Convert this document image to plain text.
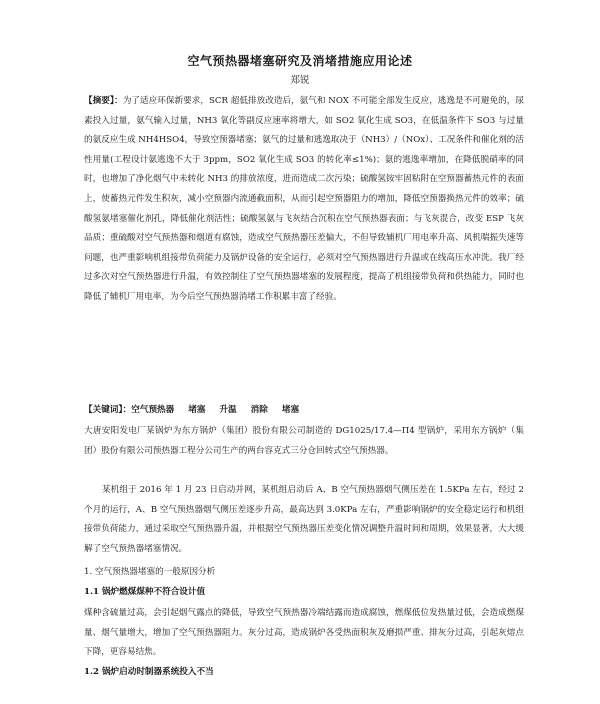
空气预热器堵塞研究及消堵措施应用论述
郑锐
【摘要】：为了适应环保新要求，SCR 超低排放改造后，氨气和 NOX 不可能全部发生反应，逃逸是不可避免的，尿素投入过量，氨气输入过量，NH3 氧化等副反应速率将增大，如 SO2 氧化生成 SO3，在低温条件下 SO3 与过量的氨反应生成 NH4HSO4，导致空预器堵塞；氨气的过量和逃逸取决于（NH3）/（NOx）、工况条件和催化剂的活性用量(工程设计氨逃逸不大于 3ppm，SO2 氧化生成 SO3 的转化率≤1%)；氨的逃逸率增加，在降低脱硝率的同时，也增加了净化烟气中未转化 NH3 的排放浓度，进而造成二次污染；硫酸氢铵牢固粘附在空预器蓄热元件的表面上，使蓄热元件发生积灰，减小空预器内流通截面积，从而引起空预器阻力的增加，降低空预器换热元件的效率；硫酸氢氨堵塞催化剂孔，降低催化剂活性；硫酸氢氨与飞灰结合沉积在空气预热器表面；与飞灰混合，改变 ESP 飞灰品质；重硫酸对空气预热器和烟道有腐蚀，造成空气预热器压差偏大，不但导致辅机厂用电率升高、风机喘振失速等问题，也严重影响机组接带负荷能力及锅炉设备的安全运行，必须对空气预热器进行升温或在线高压水冲洗。我厂经过多次对空气预热器进行升温，有效控制住了空气预热器堵塞的发展程度，提高了机组接带负荷和供热能力，同时也降低了辅机厂用电率，为今后空气预热器消堵工作积累丰富了经验。
【关键词】：空气预热器 堵塞 升温 消除 堵塞
大唐安阳发电厂某锅炉为东方锅炉（集团）股份有限公司制造的 DG1025/17.4—Π4 型锅炉，采用东方锅炉（集团）股份有限公司预热器工程分公司生产的两台容克式三分仓回转式空气预热器。
某机组于 2016 年 1 月 23 日启动并网，某机组启动后 A、B 空气预热器烟气侧压差在 1.5KPa 左右，经过 2 个月的运行，A、B 空气预热器烟气侧压差逐步升高，最高达到 3.0KPa 左右，严重影响锅炉的安全稳定运行和机组接带负荷能力，通过采取空气预热器升温，并根据空气预热器压差变化情况调整升温时间和周期，效果显著，大大缓解了空气预热器堵塞情况。
1. 空气预热器堵塞的一般原因分析
1.1 锅炉燃煤煤种不符合设计值
煤种含硫量过高，会引起烟气露点的降低，导致空气预热器冷端结露而造成腐蚀，燃煤低位发热量过低，会造成燃煤量、烟气量增大，增加了空气预热器阻力。灰分过高，造成锅炉各受热面积灰及磨损严重、排灰分过高，引起灰熔点下降，更容易结焦。
1.2 锅炉启动时制器系统投入不当
